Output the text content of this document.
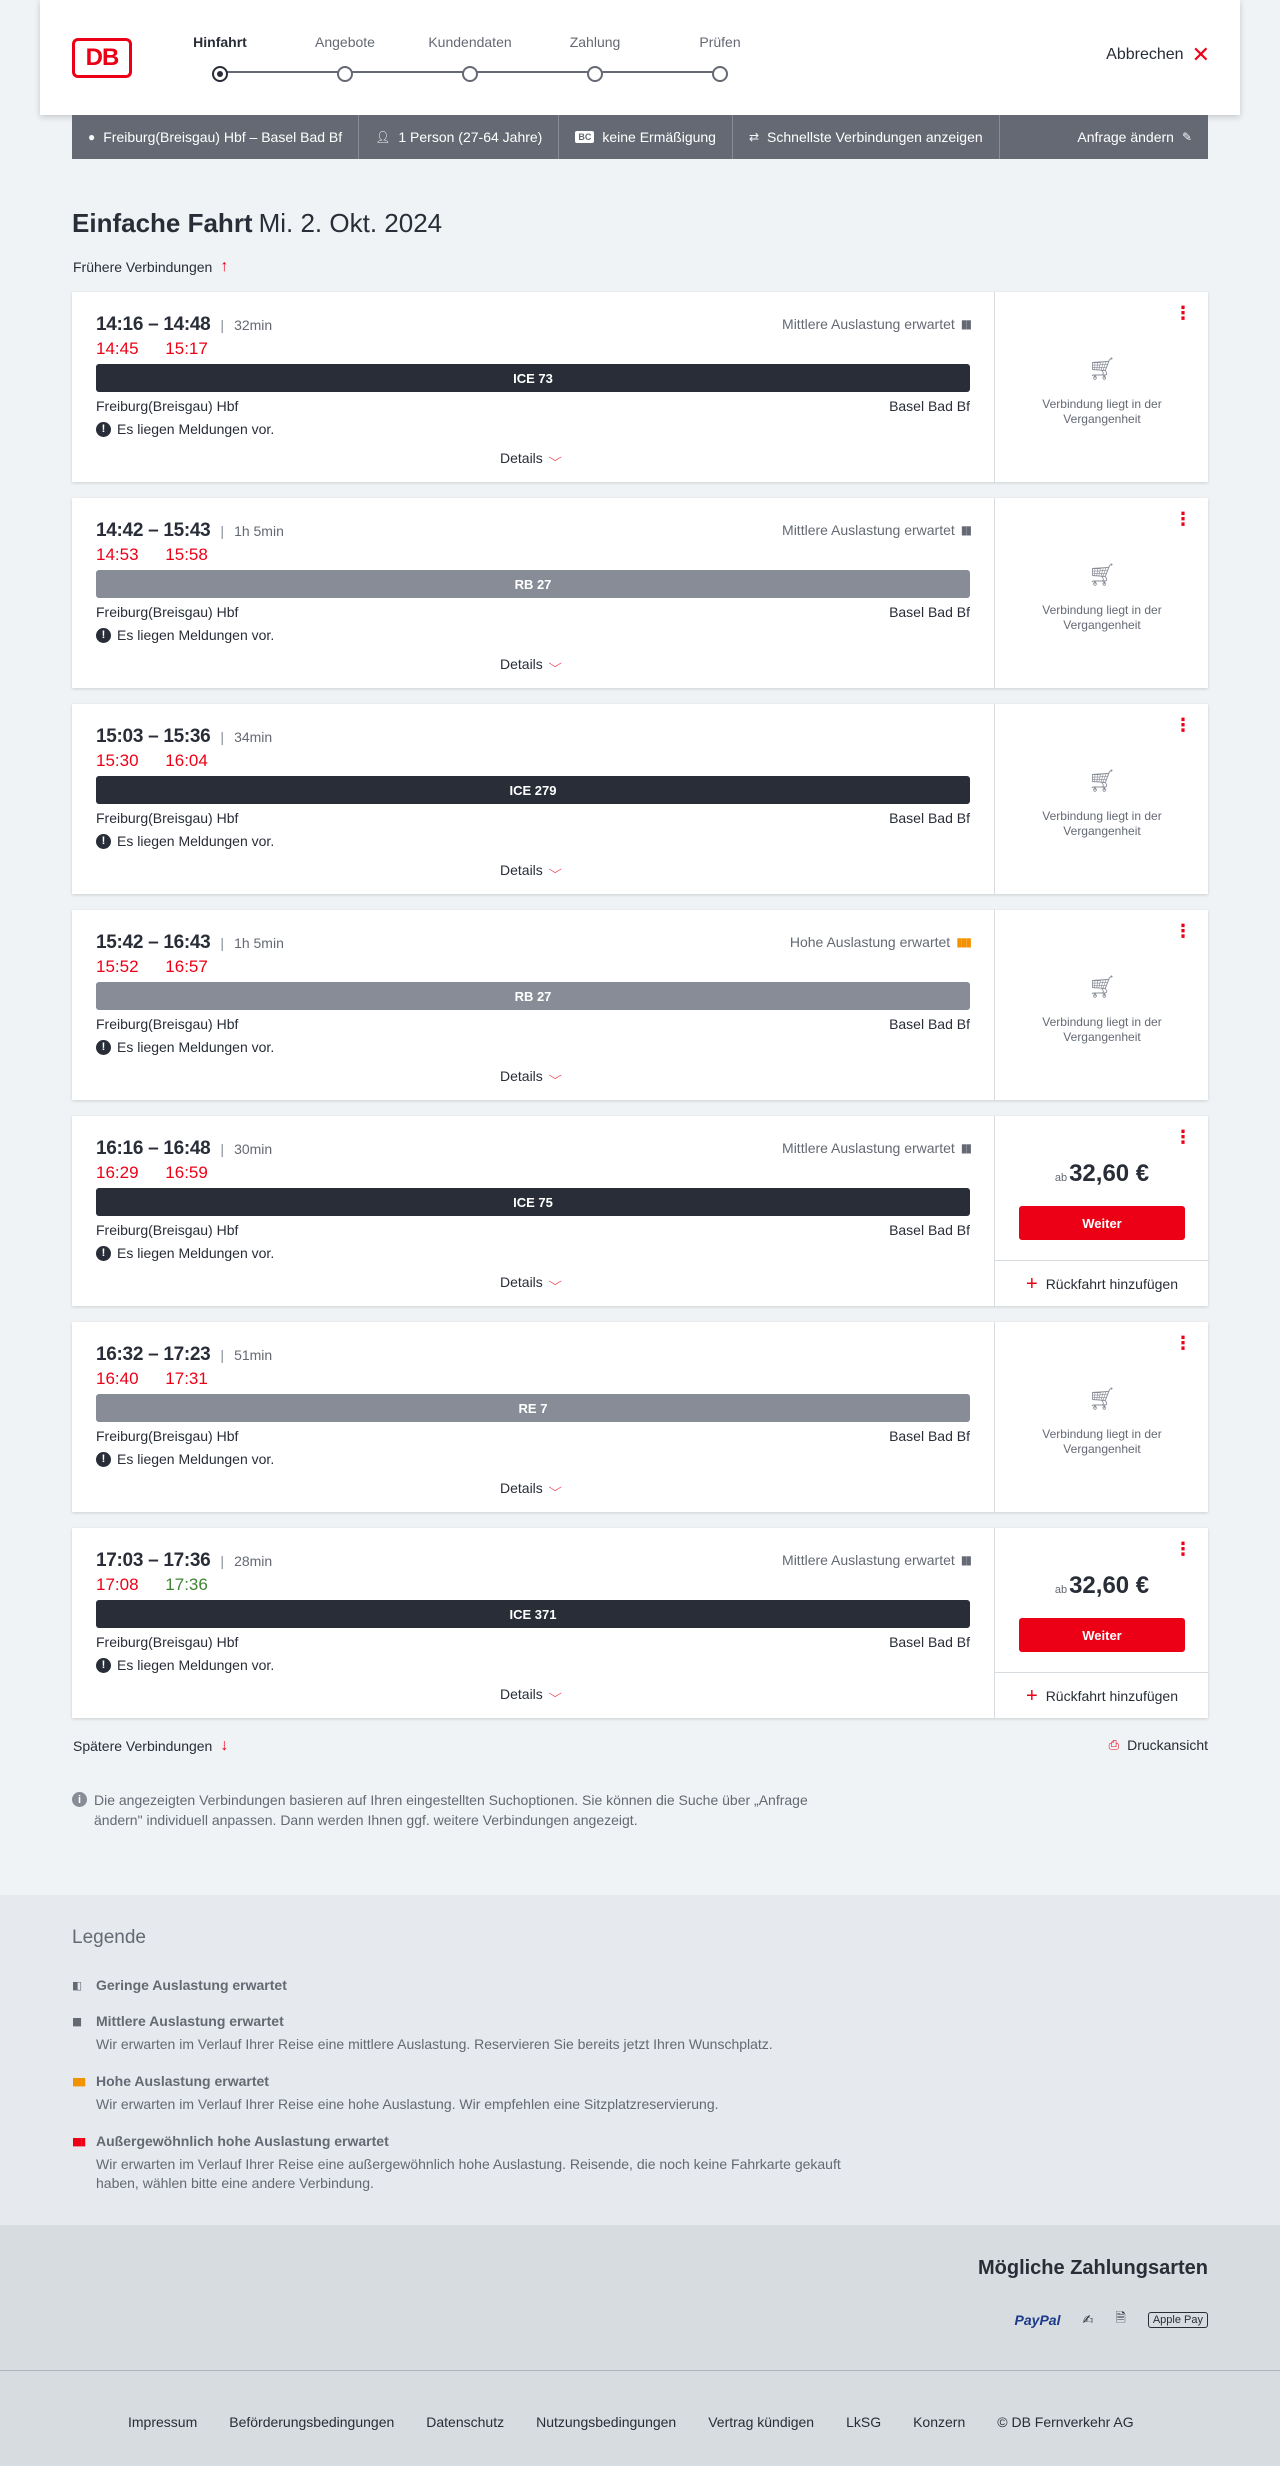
DB
Hinfahrt	Angebote	Kundendaten	Zahlung	Prüfen
Abbrechen ✕
● Freiburg(Breisgau) Hbf – Basel Bad Bf	👤︎ 1 Person (27-64 Jahre)	BC keine Ermäßigung	⇄ Schnellste Verbindungen anzeigen	Anfrage ändern ✎
Einfache Fahrt Mi. 2. Okt. 2024
Frühere Verbindungen ↑
14:16 – 14:48 | 32min
14:45 15:17
Mittlere Auslastung erwartet ▮▮
ICE 73
Freiburg(Breisgau) Hbf	Basel Bad Bf
! Es liegen Meldungen vor.
Details ⌵
⋮
🛒︎
Verbindung liegt in der Vergangenheit
14:42 – 15:43 | 1h 5min
14:53 15:58
Mittlere Auslastung erwartet ▮▮
RB 27
Freiburg(Breisgau) Hbf	Basel Bad Bf
! Es liegen Meldungen vor.
Details ⌵
⋮
🛒︎
Verbindung liegt in der Vergangenheit
15:03 – 15:36 | 34min
15:30 16:04
ICE 279
Freiburg(Breisgau) Hbf	Basel Bad Bf
! Es liegen Meldungen vor.
Details ⌵
⋮
🛒︎
Verbindung liegt in der Vergangenheit
15:42 – 16:43 | 1h 5min
15:52 16:57
Hohe Auslastung erwartet ▮▮▮
RB 27
Freiburg(Breisgau) Hbf	Basel Bad Bf
! Es liegen Meldungen vor.
Details ⌵
⋮
🛒︎
Verbindung liegt in der Vergangenheit
16:16 – 16:48 | 30min
16:29 16:59
Mittlere Auslastung erwartet ▮▮
ICE 75
Freiburg(Breisgau) Hbf	Basel Bad Bf
! Es liegen Meldungen vor.
Details ⌵
⋮
ab32,60 €
Weiter
+ Rückfahrt hinzufügen
16:32 – 17:23 | 51min
16:40 17:31
RE 7
Freiburg(Breisgau) Hbf	Basel Bad Bf
! Es liegen Meldungen vor.
Details ⌵
⋮
🛒︎
Verbindung liegt in der Vergangenheit
17:03 – 17:36 | 28min
17:08 17:36
Mittlere Auslastung erwartet ▮▮
ICE 371
Freiburg(Breisgau) Hbf	Basel Bad Bf
! Es liegen Meldungen vor.
Details ⌵
⋮
ab32,60 €
Weiter
+ Rückfahrt hinzufügen
Spätere Verbindungen ↓	⎙ Druckansicht
i Die angezeigten Verbindungen basieren auf Ihren eingestellten Suchoptionen. Sie können die Suche über „Anfrage ändern" individuell anpassen. Dann werden Ihnen ggf. weitere Verbindungen angezeigt.
Legende
▮▯	Geringe Auslastung erwartet
▮▮	Mittlere Auslastung erwartet
Wir erwarten im Verlauf Ihrer Reise eine mittlere Auslastung. Reservieren Sie bereits jetzt Ihren Wunschplatz.
▮▮▮ Hohe Auslastung erwartet
Wir erwarten im Verlauf Ihrer Reise eine hohe Auslastung. Wir empfehlen eine Sitzplatzreservierung.
▮▮▮ Außergewöhnlich hohe Auslastung erwartet
Wir erwarten im Verlauf Ihrer Reise eine außergewöhnlich hohe Auslastung. Reisende, die noch keine Fahrkarte gekauft haben, wählen bitte eine andere Verbindung.
Mögliche Zahlungsarten
PayPal ✍︎ 🗎︎	Apple Pay
Impressum Beförderungsbedingungen Datenschutz Nutzungsbedingungen Vertrag kündigen LkSG Konzern © DB Fernverkehr AG
